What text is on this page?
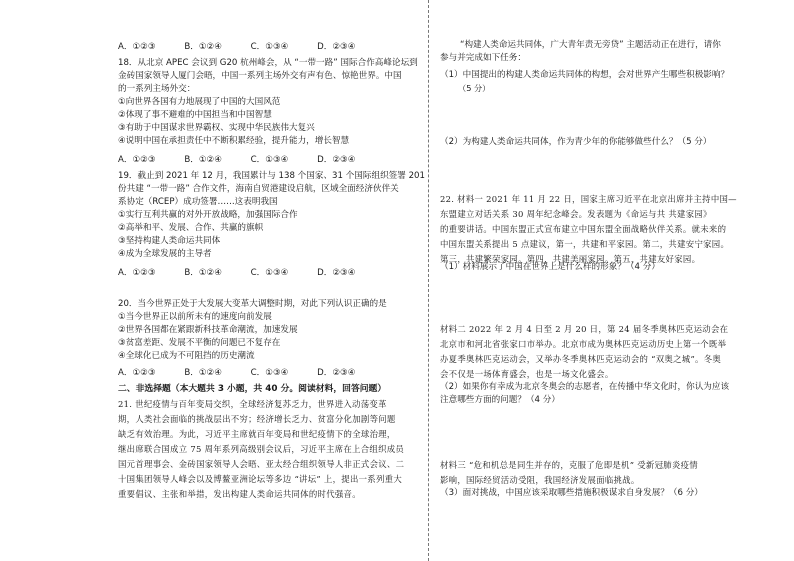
A．①②③	B．①②④	C．①③④	D．②③④
18．从北京 APEC 会议到 G20 杭州峰会，从 “一带一路” 国际合作高峰论坛到
金砖国家领导人厦门会晤，中国一系列主场外交有声有色、惊艳世界。中国
的一系列主场外交：
①向世界各国有力地展现了中国的大国风范
②体现了事不避难的中国担当和中国智慧
③有助于中国谋求世界霸权、实现中华民族伟大复兴
④说明中国在承担责任中不断积累经验，提升能力，增长智慧
A．①②③	B．①②④	C．①③④	D．②③④
19．截止到 2021 年 12 月，我国累计与 138 个国家、31 个国际组织签署 201
份共建 “一带一路” 合作文件，海南自贸港建设启航，区域全面经济伙伴关
系协定（RCEP）成功签署……这表明我国
①实行互利共赢的对外开放战略，加强国际合作
②高举和平、发展、合作、共赢的旗帜
③坚持构建人类命运共同体
④成为全球发展的主导者
A．①②③	B．①②④	C．①③④	D．②③④
20．当今世界正处于大发展大变革大调整时期，对此下列认识正确的是
①当今世界正以前所未有的速度向前发展
②世界各国都在紧跟新科技革命潮流，加速发展
③贫富差距、发展不平衡的问题已不复存在
④全球化已成为不可阻挡的历史潮流
A．①②③	B．①②④	C．①③④	D．②③④
二、非选择题（本大题共 3 小题，共 40 分。阅读材料，回答问题）
21. 世纪疫情与百年变局交织，全球经济复苏乏力，世界进入动荡变革
期，人类社会面临的挑战层出不穷；经济增长乏力、贫富分化加剧等问题
缺乏有效治理。为此，习近平主席就百年变局和世纪疫情下的全球治理，
继出席联合国成立 75 周年系列高级别会议后，习近平主席在上合组织成员
国元首理事会、金砖国家领导人会晤、亚太经合组织领导人非正式会议、二
十国集团领导人峰会以及博鳌亚洲论坛等多边 “讲坛” 上，提出一系列重大
重要倡议、主张和举措，发出构建人类命运共同体的时代强音。
“构建人类命运共同体，广大青年责无旁贷” 主题活动正在进行，请你
参与并完成如下任务：
（1）中国提出的构建人类命运共同体的构想，会对世界产生哪些积极影响？
（5 分）
（2）为构建人类命运共同体，作为青少年的你能够做些什么？（5 分）
22. 材料一 2021 年 11 月 22 日，国家主席习近平在北京出席并主持中国—
东盟建立对话关系 30 周年纪念峰会。发表题为《命运与共 共建家园》
的重要讲话。中国东盟正式宣布建立中国东盟全面战略伙伴关系。就未来的
中国东盟关系提出 5 点建议，第一，共建和平家园。第二，共建安宁家园。
第三，共建繁荣家园。第四，共建美丽家园。第五，共建友好家园。
（1）材料展示了中国在世界上是什么样的形象？（4 分）
材料二 2022 年 2 月 4 日至 2 月 20 日，第 24 届冬季奥林匹克运动会在
北京市和河北省张家口市举办。北京市成为奥林匹克运动历史上第一个既举
办夏季奥林匹克运动会，又举办冬季奥林匹克运动会的 “双奥之城”。冬奥
会不仅是一场体育盛会，也是一场文化盛会。
（2）如果你有幸成为北京冬奥会的志愿者，在传播中华文化时，你认为应该
注意哪些方面的问题？（4 分）
材料三 “危和机总是同生并存的，克服了危即是机” 受新冠肺炎疫情
影响，国际经贸活动受阻，我国经济发展面临挑战。
（3）面对挑战，中国应该采取哪些措施积极谋求自身发展？（6 分）
